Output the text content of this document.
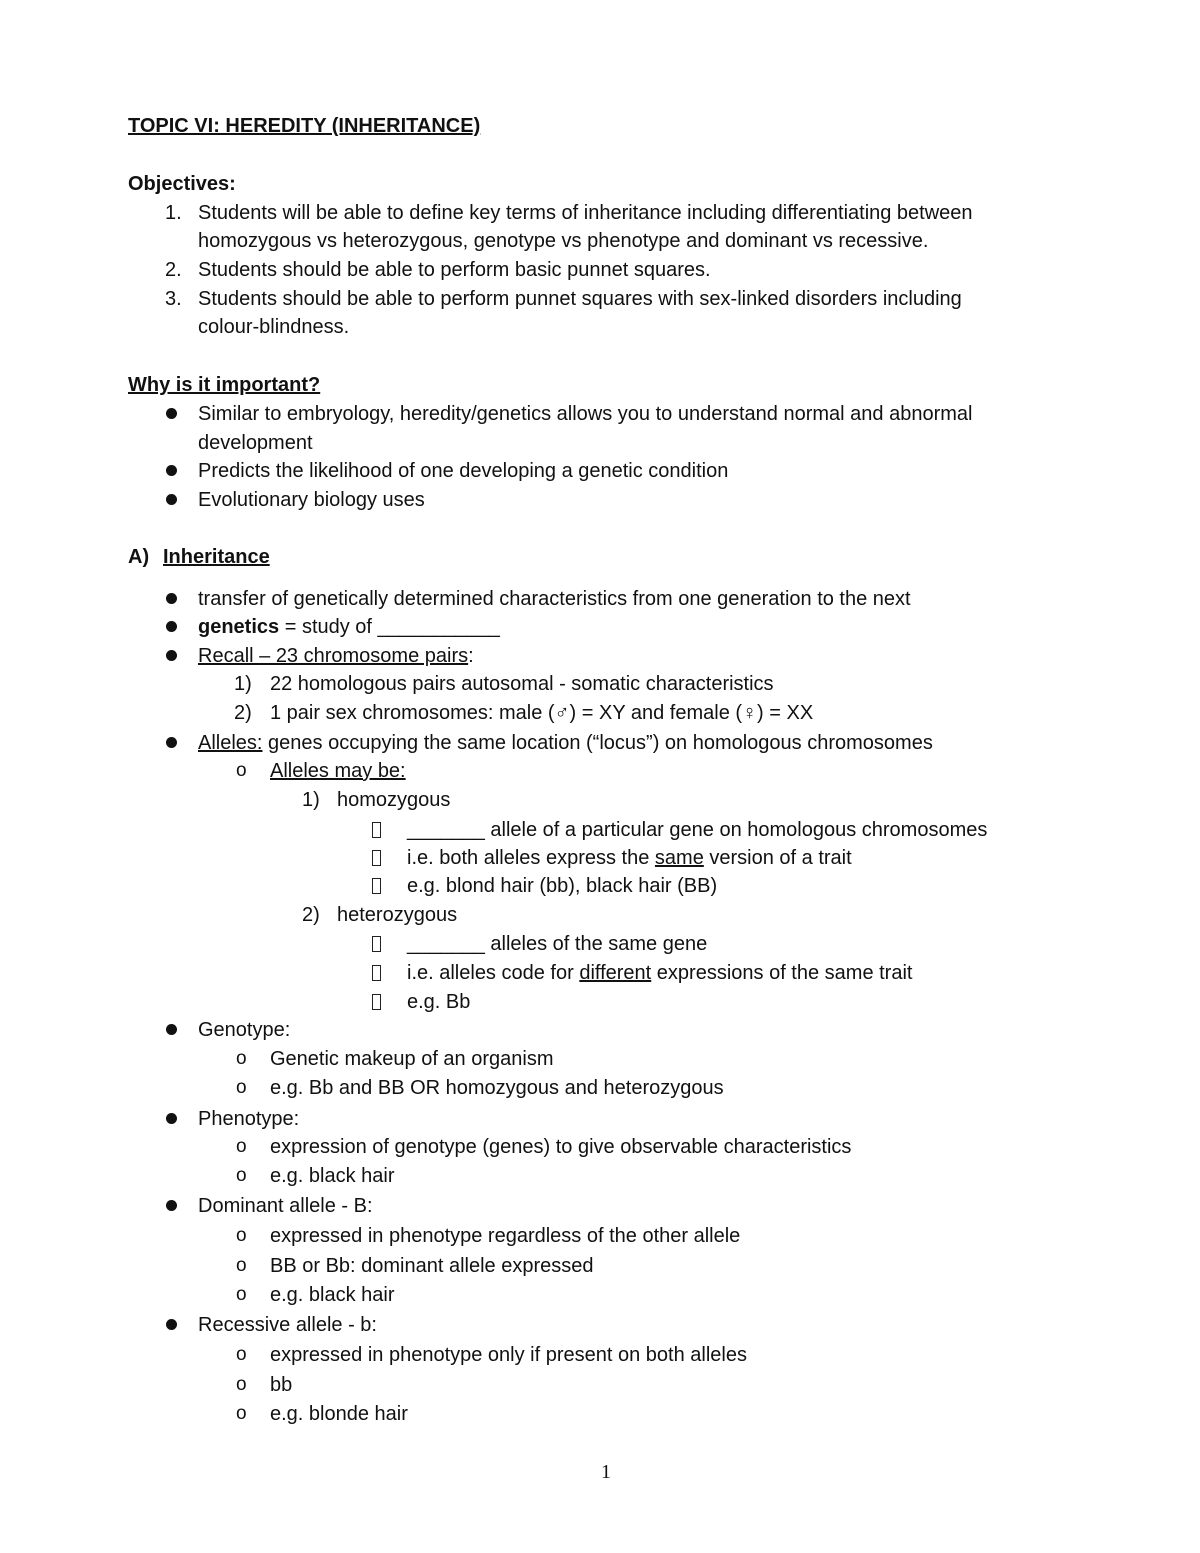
TOPIC VI: HEREDITY (INHERITANCE)
Objectives:
1. Students will be able to define key terms of inheritance including differentiating between
homozygous vs heterozygous, genotype vs phenotype and dominant vs recessive.
2. Students should be able to perform basic punnet squares.
3. Students should be able to perform punnet squares with sex-linked disorders including
colour-blindness.
Why is it important?
Similar to embryology, heredity/genetics allows you to understand normal and abnormal
development
Predicts the likelihood of one developing a genetic condition
Evolutionary biology uses
A) Inheritance
transfer of genetically determined characteristics from one generation to the next
genetics = study of ___________
Recall – 23 chromosome pairs:
1) 22 homologous pairs autosomal - somatic characteristics
2) 1 pair sex chromosomes: male (♂) = XY and female (♀) = XX
Alleles: genes occupying the same location (“locus”) on homologous chromosomes
o Alleles may be:
1) homozygous
_______ allele of a particular gene on homologous chromosomes
i.e. both alleles express the same version of a trait
e.g. blond hair (bb), black hair (BB)
2) heterozygous
_______ alleles of the same gene
i.e. alleles code for different expressions of the same trait
e.g. Bb
Genotype:
o Genetic makeup of an organism
o e.g. Bb and BB OR homozygous and heterozygous
Phenotype:
o expression of genotype (genes) to give observable characteristics
o e.g. black hair
Dominant allele - B:
o expressed in phenotype regardless of the other allele
o BB or Bb: dominant allele expressed
o e.g. black hair
Recessive allele - b:
o expressed in phenotype only if present on both alleles
o bb
o e.g. blonde hair
1
